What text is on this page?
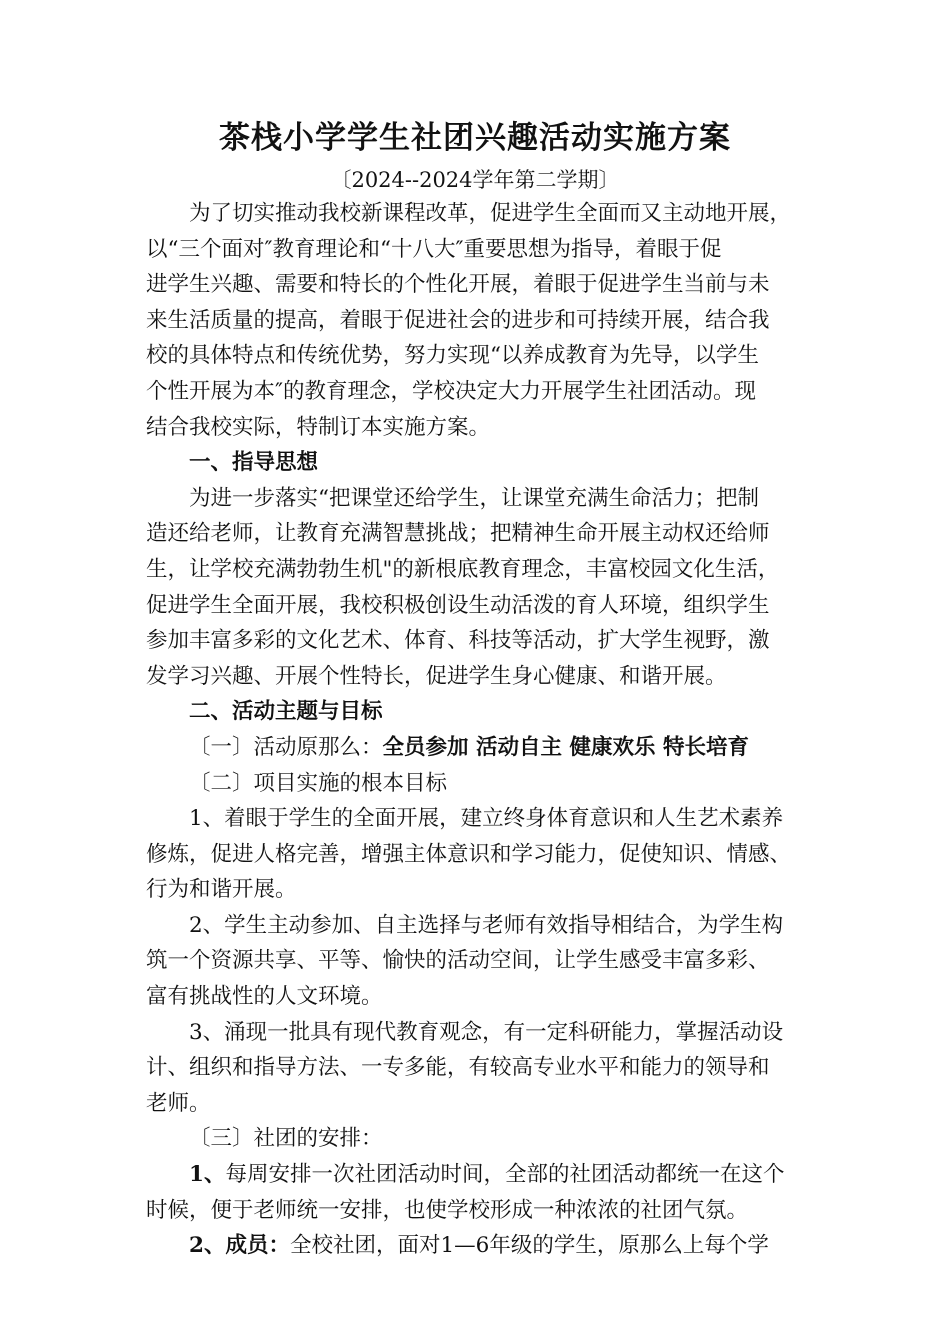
茶栈小学学生社团兴趣活动实施方案
〔2024--2024学年第二学期〕
为了切实推动我校新课程改革，促进学生全面而又主动地开展，
以“三个面对″教育理论和“十八大″重要思想为指导，着眼于促
进学生兴趣、需要和特长的个性化开展，着眼于促进学生当前与未
来生活质量的提高，着眼于促进社会的进步和可持续开展，结合我
校的具体特点和传统优势，努力实现“以养成教育为先导，以学生
个性开展为本″的教育理念，学校决定大力开展学生社团活动。现
结合我校实际，特制订本实施方案。
一、指导思想
为进一步落实“把课堂还给学生，让课堂充满生命活力；把制
造还给老师，让教育充满智慧挑战；把精神生命开展主动权还给师
生，让学校充满勃勃生机"的新根底教育理念，丰富校园文化生活，
促进学生全面开展，我校积极创设生动活泼的育人环境，组织学生
参加丰富多彩的文化艺术、体育、科技等活动，扩大学生视野，激
发学习兴趣、开展个性特长，促进学生身心健康、和谐开展。
二、活动主题与目标
〔一〕活动原那么：全员参加 活动自主 健康欢乐 特长培育
〔二〕项目实施的根本目标
1、着眼于学生的全面开展，建立终身体育意识和人生艺术素养
修炼，促进人格完善，增强主体意识和学习能力，促使知识、情感、
行为和谐开展。
2、学生主动参加、自主选择与老师有效指导相结合，为学生构
筑一个资源共享、平等、愉快的活动空间，让学生感受丰富多彩、
富有挑战性的人文环境。
3、涌现一批具有现代教育观念，有一定科研能力，掌握活动设
计、组织和指导方法、一专多能，有较高专业水平和能力的领导和
老师。
〔三〕社团的安排：
1、每周安排一次社团活动时间，全部的社团活动都统一在这个
时候，便于老师统一安排，也使学校形成一种浓浓的社团气氛。
2、成员：全校社团，面对1—6年级的学生，原那么上每个学
